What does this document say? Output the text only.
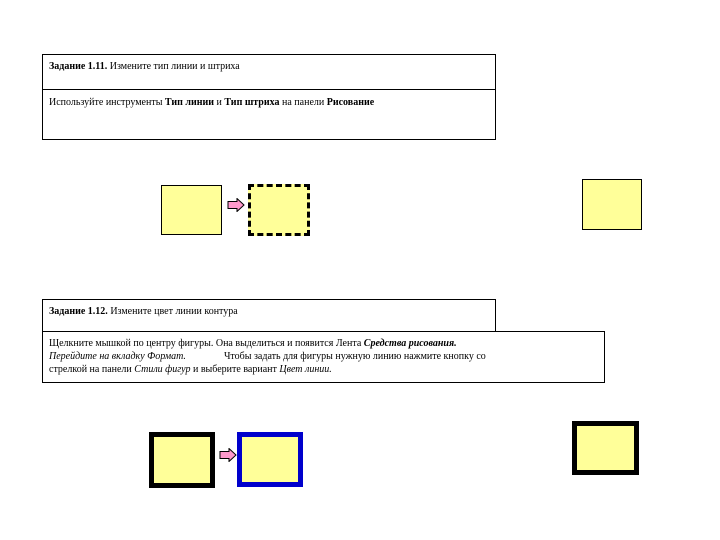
Задание 1.11. Измените тип линии и штриха
Используйте инструменты Тип линии и Тип штриха на панели Рисование
Задание 1.12. Измените цвет линии контура
Щелкните мышкой по центру фигуры. Она выделиться и появится Лента Средства рисования.
Перейдите на вкладку Формат.	Чтобы задать для фигуры нужную линию нажмите кнопку со
стрелкой на панели Стили фигур и выберите вариант Цвет линии.
